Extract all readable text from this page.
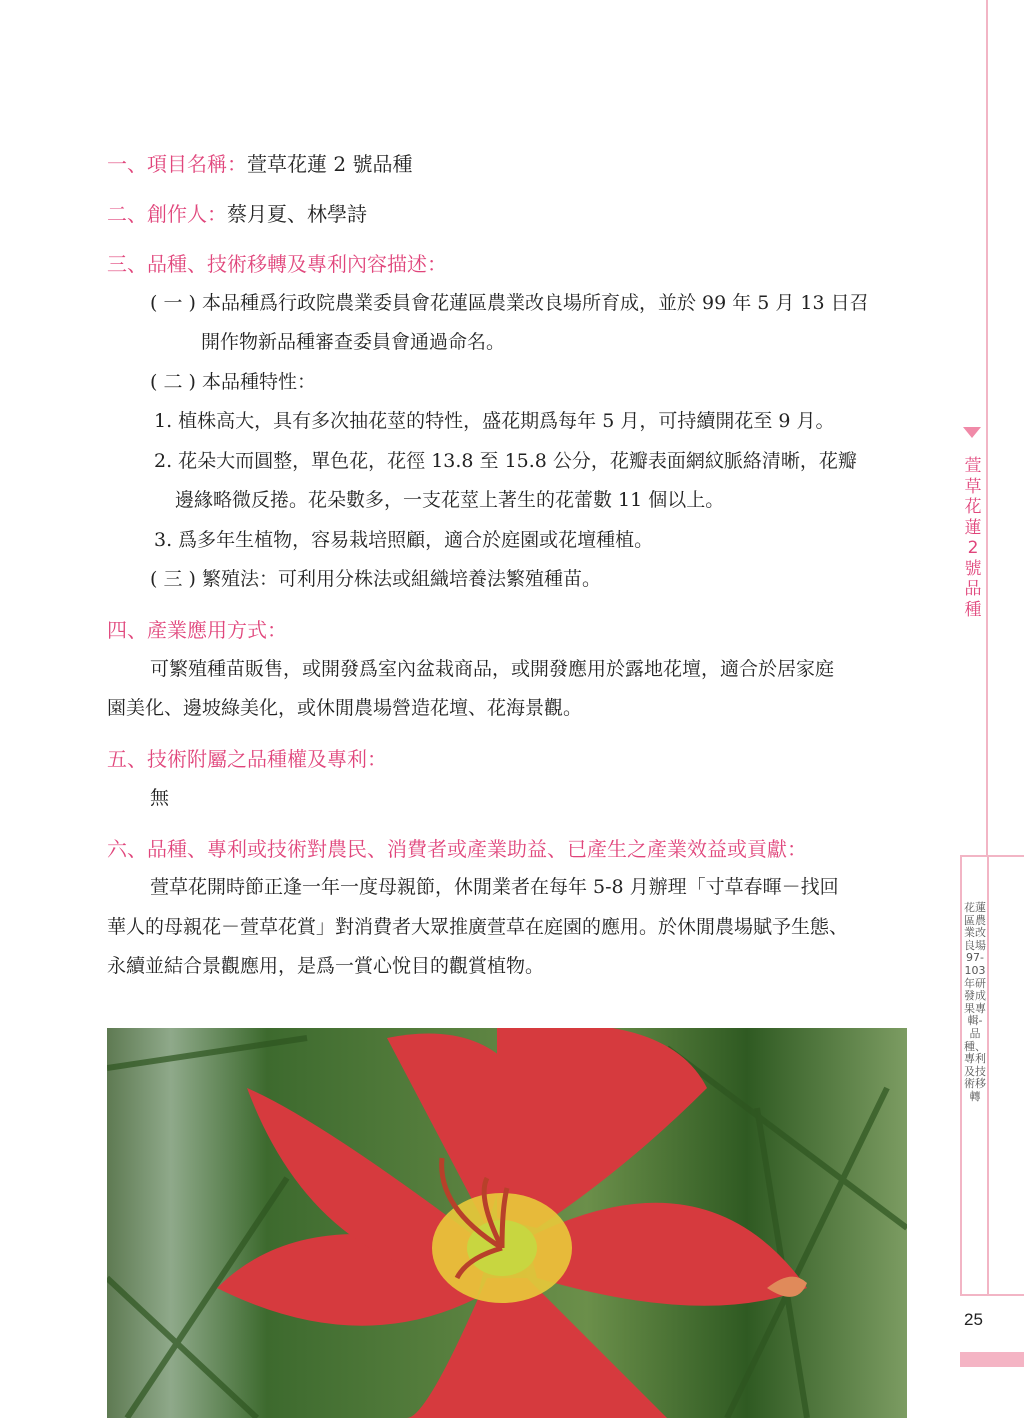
一、項目名稱：萱草花蓮 2 號品種
二、創作人：蔡月夏、林學詩
三、品種、技術移轉及專利內容描述：
( 一 ) 本品種爲行政院農業委員會花蓮區農業改良場所育成，並於 99 年 5 月 13 日召
開作物新品種審查委員會通過命名。
( 二 ) 本品種特性：
1. 植株高大，具有多次抽花莖的特性，盛花期爲每年 5 月，可持續開花至 9 月。
2. 花朵大而圓整，單色花，花徑 13.8 至 15.8 公分，花瓣表面網紋脈絡清晰，花瓣
邊緣略微反捲。花朵數多，一支花莖上著生的花蕾數 11 個以上。
3. 爲多年生植物，容易栽培照顧，適合於庭園或花壇種植。
( 三 ) 繁殖法：可利用分株法或組織培養法繁殖種苗。
四、產業應用方式：
可繁殖種苗販售，或開發爲室內盆栽商品，或開發應用於露地花壇，適合於居家庭
園美化、邊坡綠美化，或休閒農場營造花壇、花海景觀。
五、技術附屬之品種權及專利：
無
六、品種、專利或技術對農民、消費者或產業助益、已產生之產業效益或貢獻：
萱草花開時節正逢一年一度母親節，休閒業者在每年 5-8 月辦理「寸草春暉－找回
華人的母親花－萱草花賞」對消費者大眾推廣萱草在庭園的應用。於休閒農場賦予生態、
永續並結合景觀應用，是爲一賞心悅目的觀賞植物。
萱草花蓮2號品種
花蓮區農業改良場97-103年研發成果專輯-品種、專利及技術移轉
25
